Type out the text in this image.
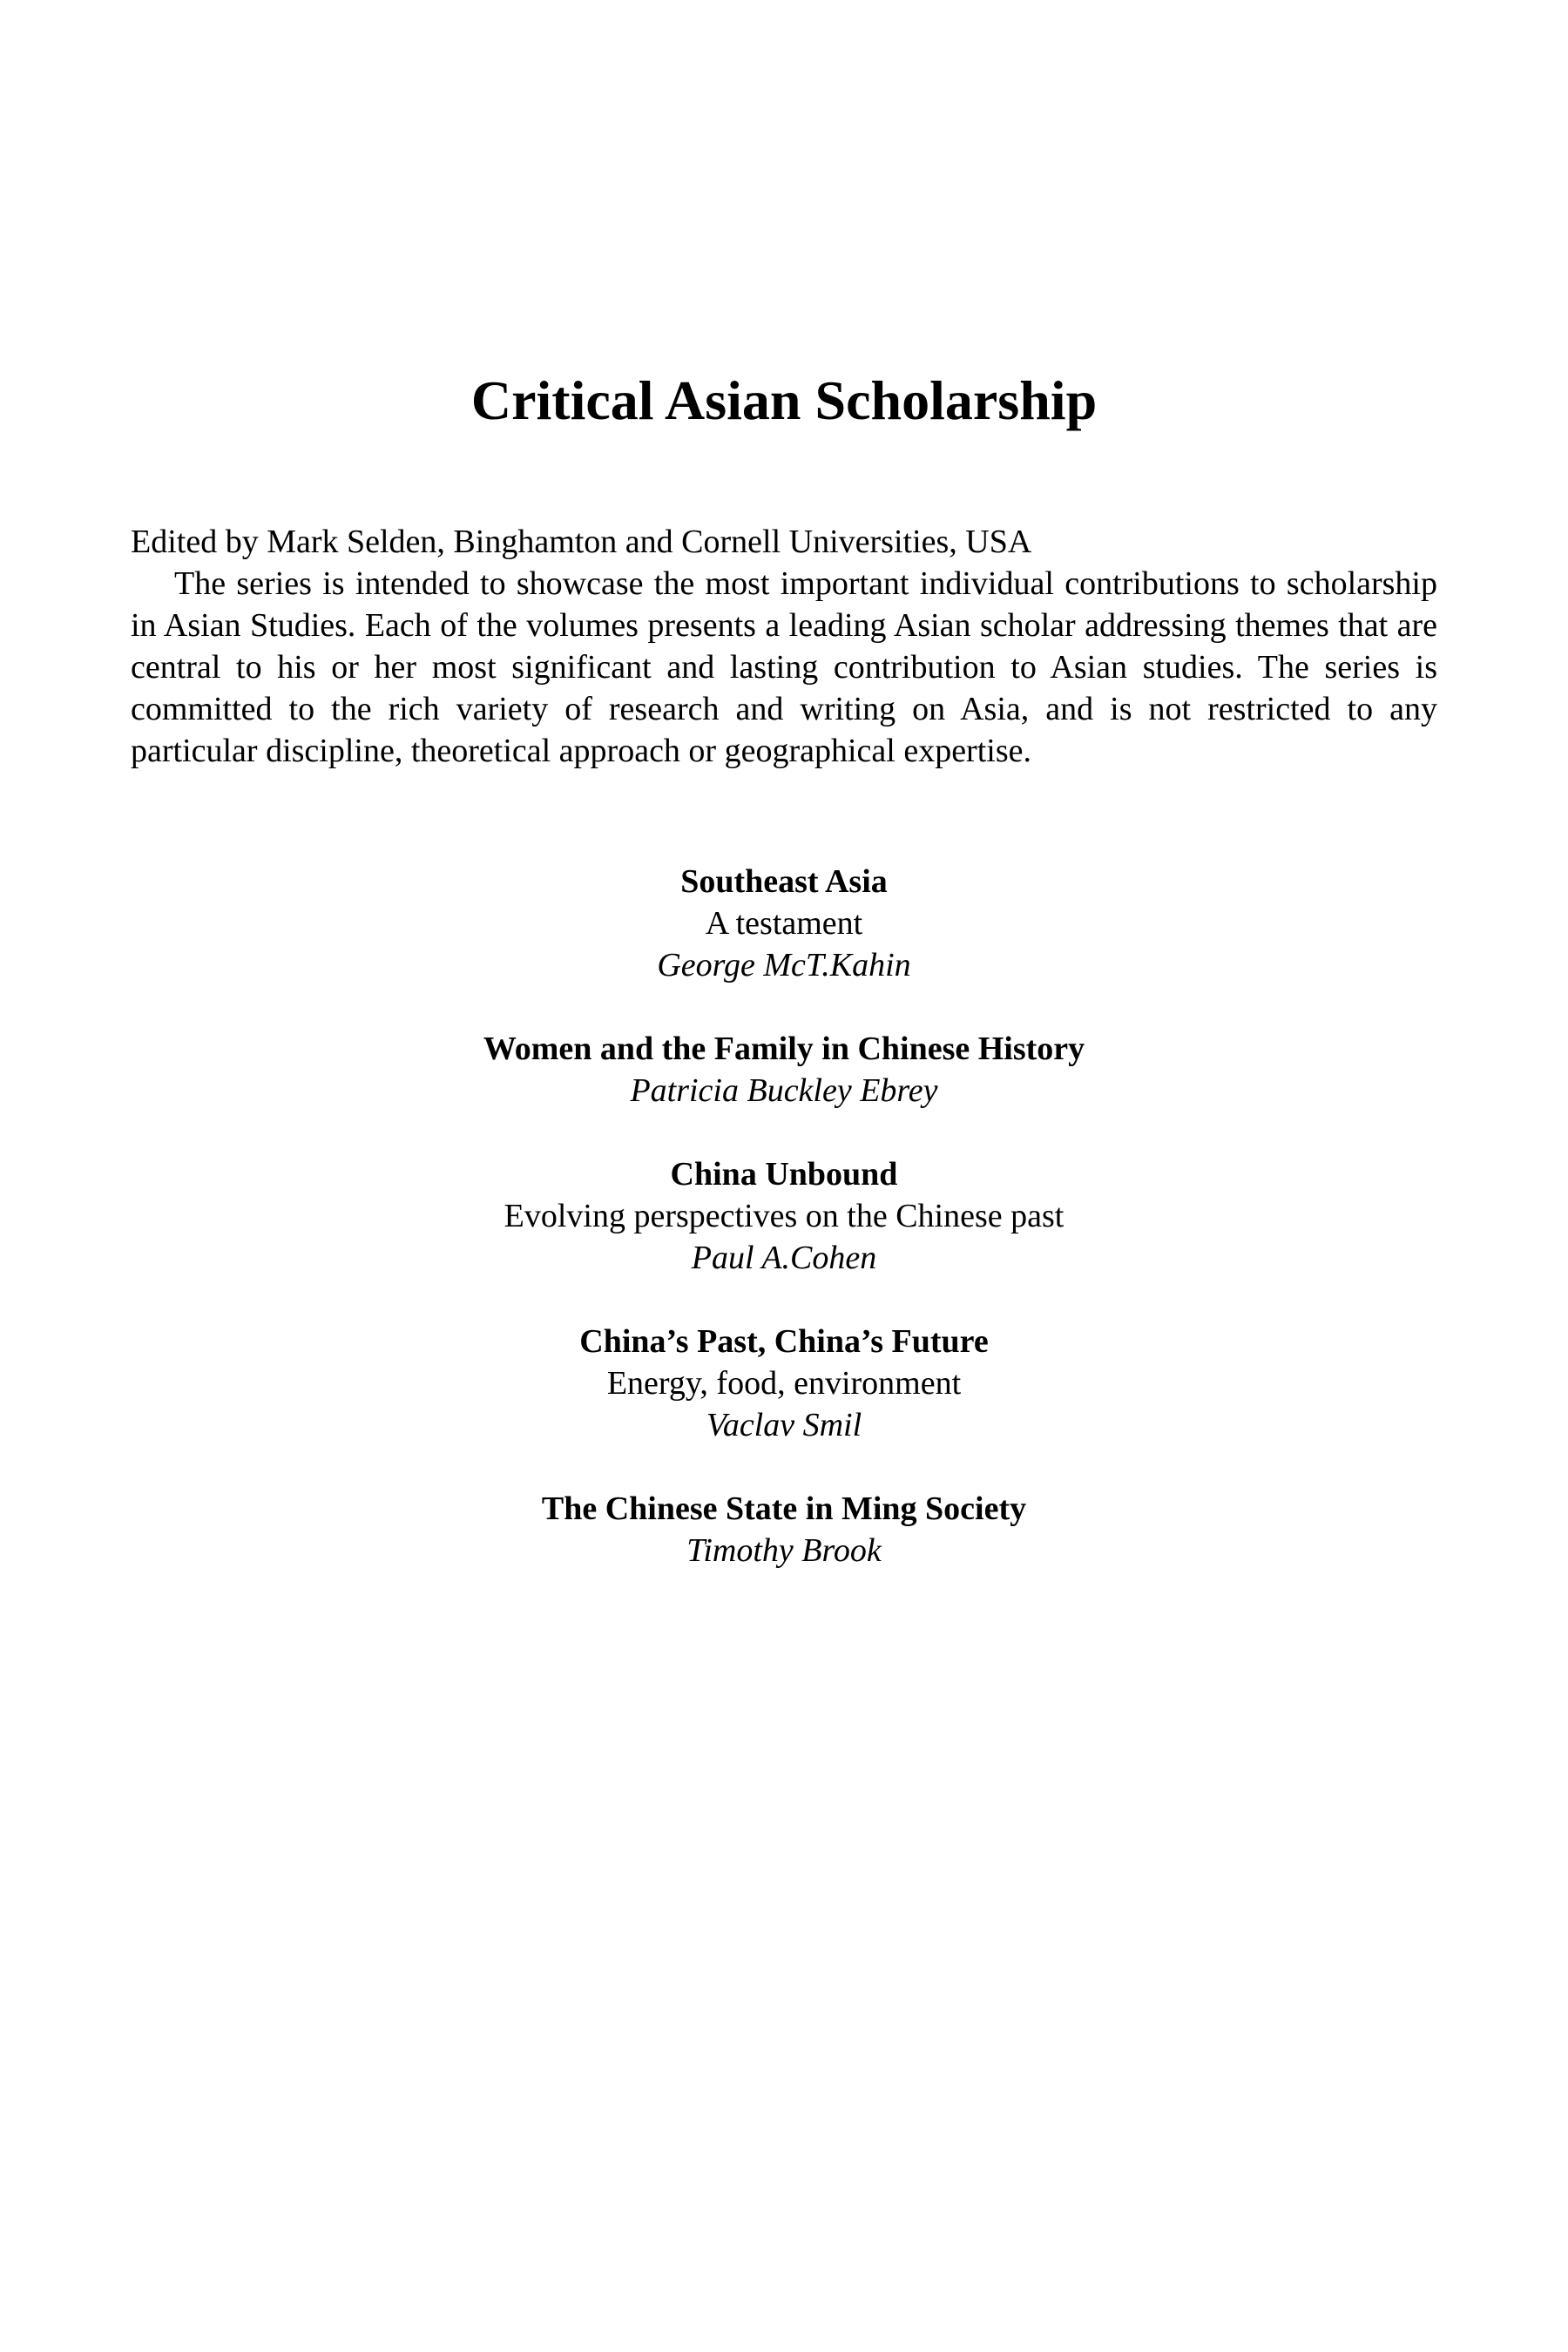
Critical Asian Scholarship

Edited by Mark Selden, Binghamton and Cornell Universities, USA

The series is intended to showcase the most important individual contributions to scholarship in Asian Studies. Each of the volumes presents a leading Asian scholar addressing themes that are central to his or her most significant and lasting contribution to Asian studies. The series is committed to the rich variety of research and writing on Asia, and is not restricted to any particular discipline, theoretical approach or geographical expertise.

Southeast Asia
A testament
George McT.Kahin
Women and the Family in Chinese History
Patricia Buckley Ebrey
China Unbound
Evolving perspectives on the Chinese past
Paul A.Cohen
China’s Past, China’s Future
Energy, food, environment
Vaclav Smil
The Chinese State in Ming Society
Timothy Brook
